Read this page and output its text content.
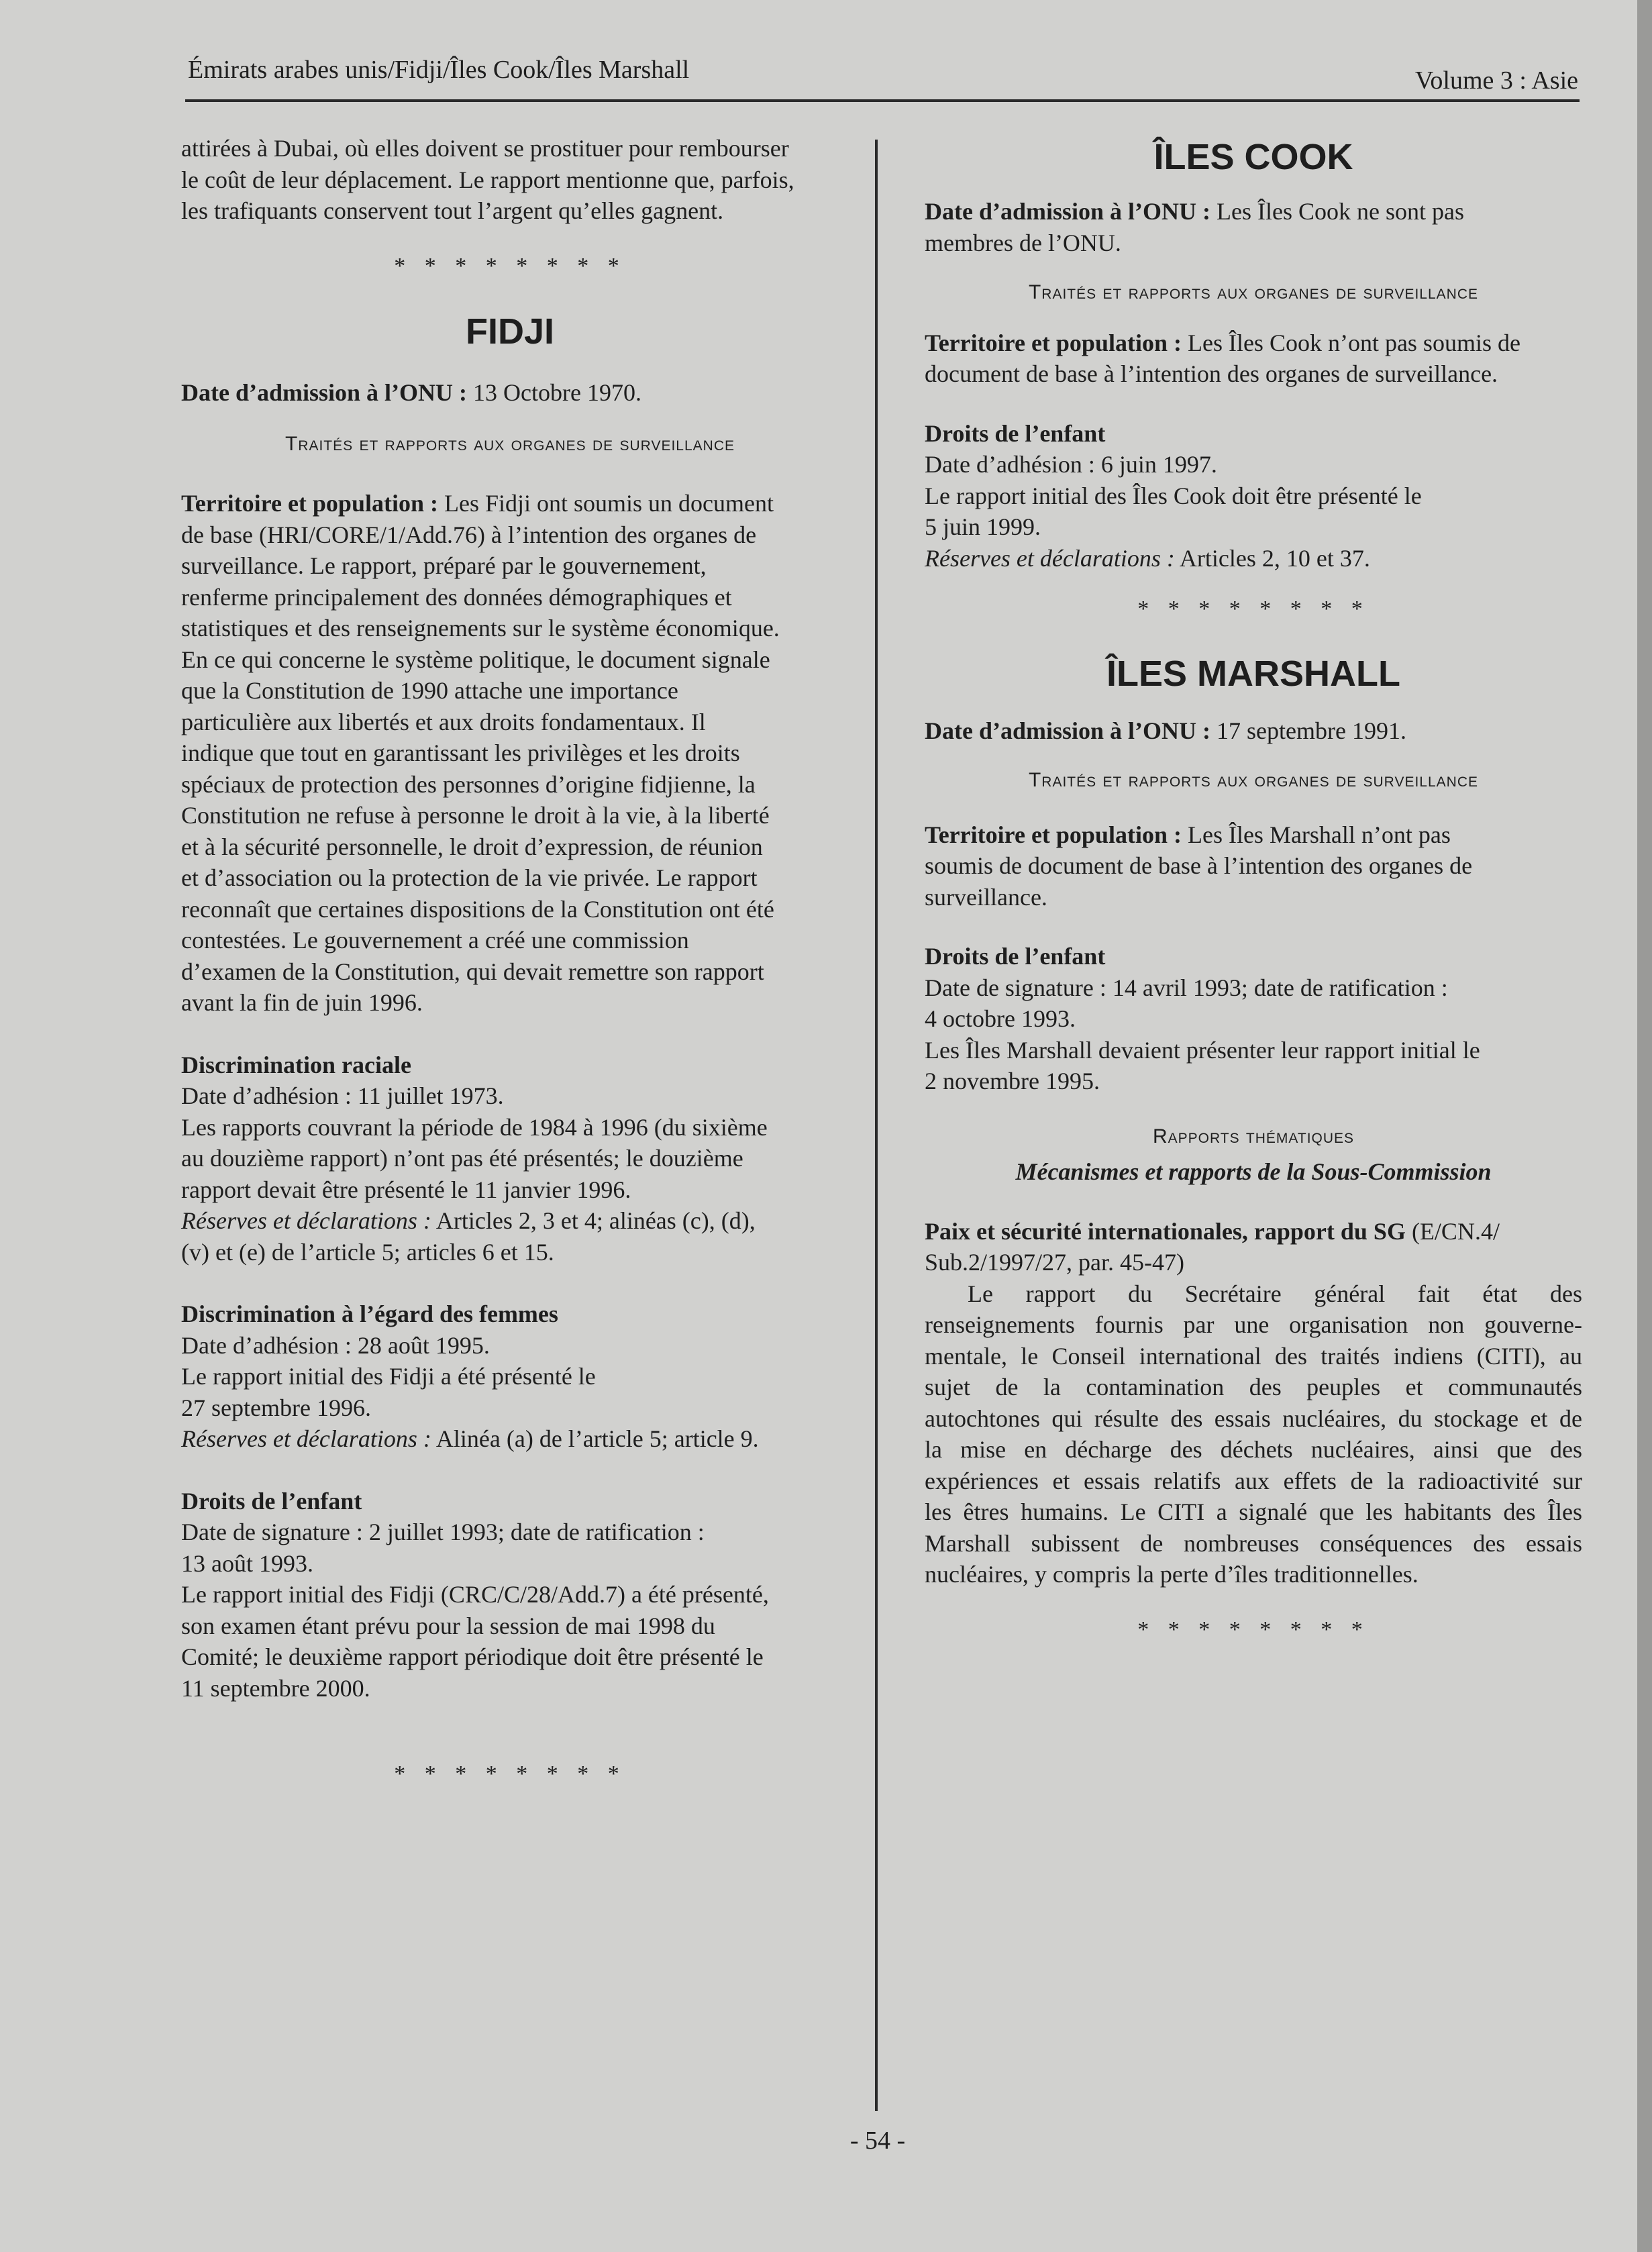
Émirats arabes unis/Fidji/Îles Cook/Îles Marshall	Volume 3 : Asie
- 54 -
attirées à Dubai, où elles doivent se prostituer pour rembourser
le coût de leur déplacement. Le rapport mentionne que, parfois,
les trafiquants conservent tout l’argent qu’elles gagnent.
* * * * * * * *
FIDJI
Date d’admission à l’ONU : 13 Octobre 1970.
Traités et rapports aux organes de surveillance
Territoire et population : Les Fidji ont soumis un document
de base (HRI/CORE/1/Add.76) à l’intention des organes de
surveillance. Le rapport, préparé par le gouvernement,
renferme principalement des données démographiques et
statistiques et des renseignements sur le système économique.
En ce qui concerne le système politique, le document signale
que la Constitution de 1990 attache une importance
particulière aux libertés et aux droits fondamentaux. Il
indique que tout en garantissant les privilèges et les droits
spéciaux de protection des personnes d’origine fidjienne, la
Constitution ne refuse à personne le droit à la vie, à la liberté
et à la sécurité personnelle, le droit d’expression, de réunion
et d’association ou la protection de la vie privée. Le rapport
reconnaît que certaines dispositions de la Constitution ont été
contestées. Le gouvernement a créé une commission
d’examen de la Constitution, qui devait remettre son rapport
avant la fin de juin 1996.
Discrimination raciale
Date d’adhésion : 11 juillet 1973.
Les rapports couvrant la période de 1984 à 1996 (du sixième
au douzième rapport) n’ont pas été présentés; le douzième
rapport devait être présenté le 11 janvier 1996.
Réserves et déclarations : Articles 2, 3 et 4; alinéas (c), (d),
(v) et (e) de l’article 5; articles 6 et 15.
Discrimination à l’égard des femmes
Date d’adhésion : 28 août 1995.
Le rapport initial des Fidji a été présenté le
27 septembre 1996.
Réserves et déclarations : Alinéa (a) de l’article 5; article 9.
Droits de l’enfant
Date de signature : 2 juillet 1993; date de ratification :
13 août 1993.
Le rapport initial des Fidji (CRC/C/28/Add.7) a été présenté,
son examen étant prévu pour la session de mai 1998 du
Comité; le deuxième rapport périodique doit être présenté le
11 septembre 2000.
* * * * * * * *
ÎLES COOK
Date d’admission à l’ONU : Les Îles Cook ne sont pas
membres de l’ONU.
Traités et rapports aux organes de surveillance
Territoire et population : Les Îles Cook n’ont pas soumis de
document de base à l’intention des organes de surveillance.
Droits de l’enfant
Date d’adhésion : 6 juin 1997.
Le rapport initial des Îles Cook doit être présenté le
5 juin 1999.
Réserves et déclarations : Articles 2, 10 et 37.
* * * * * * * *
ÎLES MARSHALL
Date d’admission à l’ONU : 17 septembre 1991.
Traités et rapports aux organes de surveillance
Territoire et population : Les Îles Marshall n’ont pas
soumis de document de base à l’intention des organes de
surveillance.
Droits de l’enfant
Date de signature : 14 avril 1993; date de ratification :
4 octobre 1993.
Les Îles Marshall devaient présenter leur rapport initial le
2 novembre 1995.
Rapports thématiques
Mécanismes et rapports de la Sous-Commission
Paix et sécurité internationales, rapport du SG (E/CN.4/
Sub.2/1997/27, par. 45-47)
Le rapport du Secrétaire général fait état des
renseignements fournis par une organisation non gouverne-
mentale, le Conseil international des traités indiens (CITI), au
sujet de la contamination des peuples et communautés
autochtones qui résulte des essais nucléaires, du stockage et de
la mise en décharge des déchets nucléaires, ainsi que des
expériences et essais relatifs aux effets de la radioactivité sur
les êtres humains. Le CITI a signalé que les habitants des Îles
Marshall subissent de nombreuses conséquences des essais
nucléaires, y compris la perte d’îles traditionnelles.
* * * * * * * *
